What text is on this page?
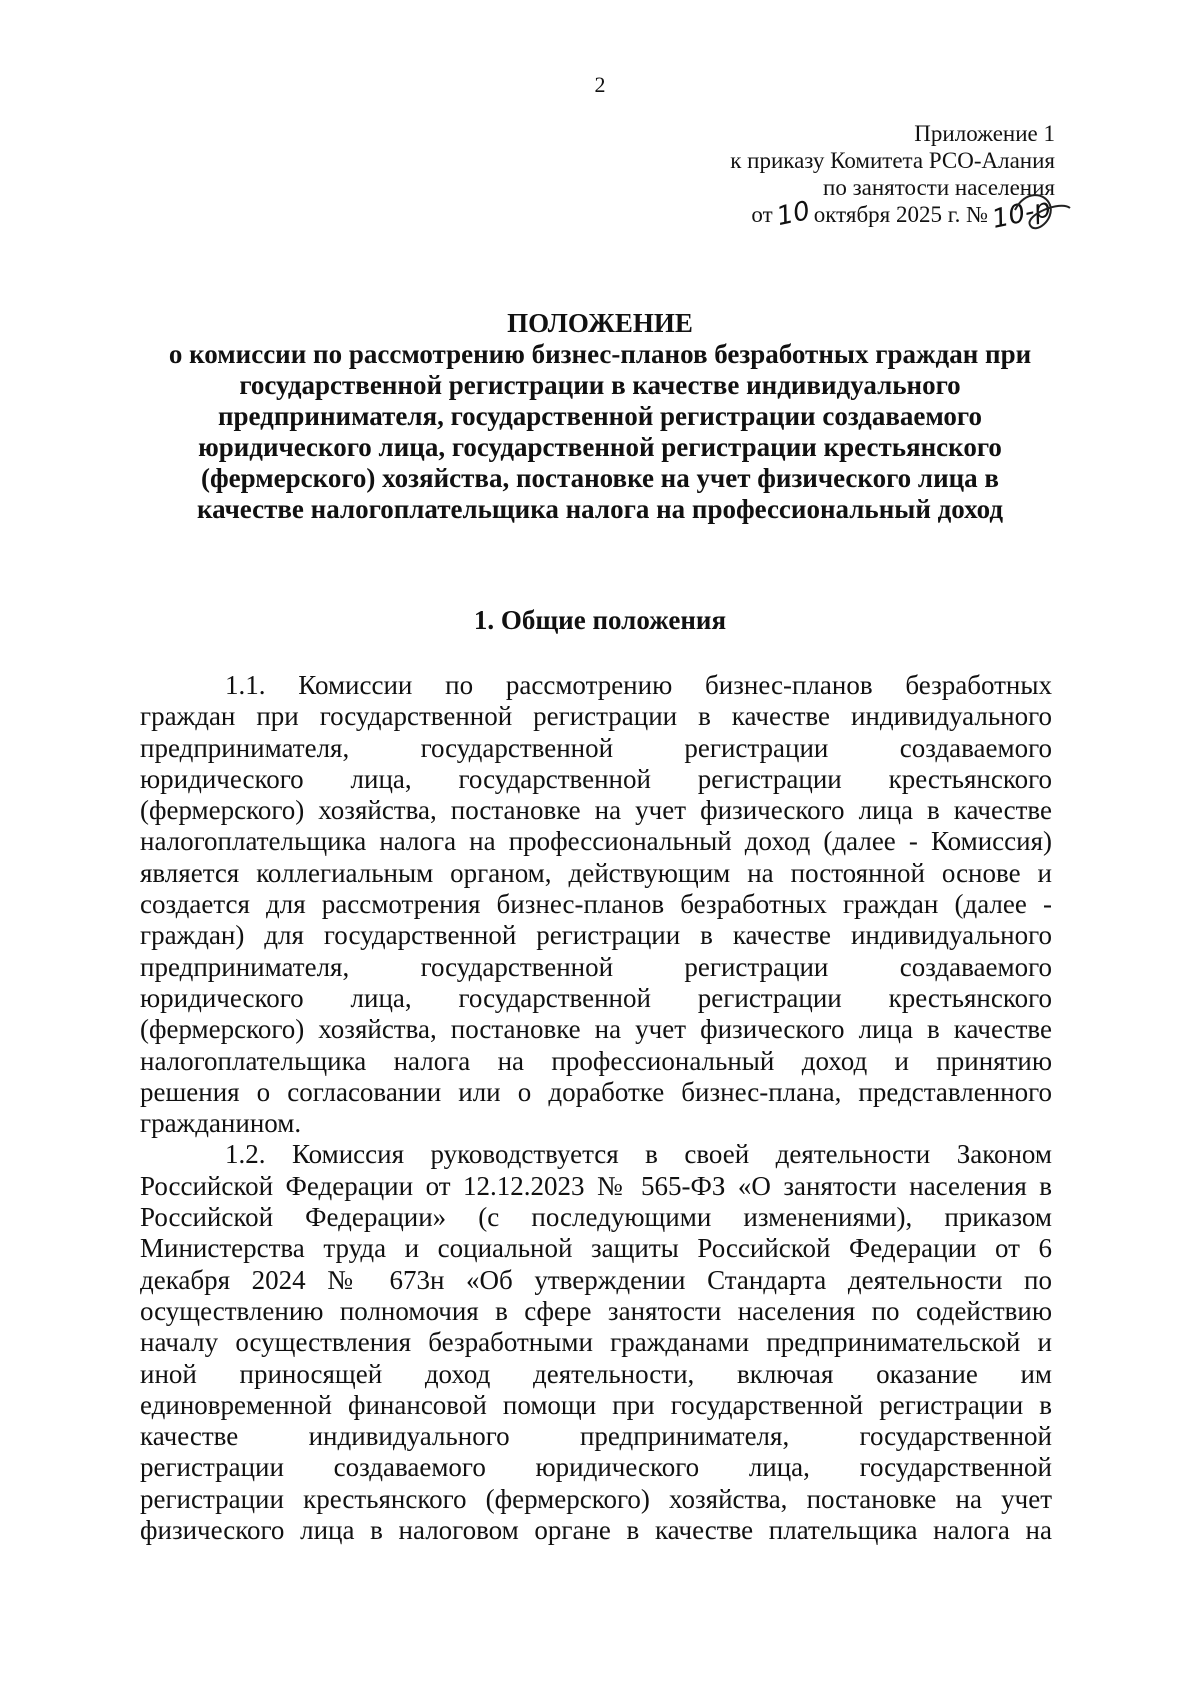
2
Приложение 1
к приказу Комитета РСО-Алания
по занятости населения
от10октября 2025 г. №10-р
ПОЛОЖЕНИЕ
о комиссии по рассмотрению бизнес-планов безработных граждан при
государственной регистрации в качестве индивидуального
предпринимателя, государственной регистрации создаваемого
юридического лица, государственной регистрации крестьянского
(фермерского) хозяйства, постановке на учет физического лица в
качестве налогоплательщика налога на профессиональный доход
1. Общие положения
1.1. Комиссии по рассмотрению бизнес-планов безработных
граждан при государственной регистрации в качестве индивидуального
предпринимателя, государственной регистрации создаваемого
юридического лица, государственной регистрации крестьянского
(фермерского) хозяйства, постановке на учет физического лица в качестве
налогоплательщика налога на профессиональный доход (далее - Комиссия)
является коллегиальным органом, действующим на постоянной основе и
создается для рассмотрения бизнес-планов безработных граждан (далее -
граждан) для государственной регистрации в качестве индивидуального
предпринимателя, государственной регистрации создаваемого
юридического лица, государственной регистрации крестьянского
(фермерского) хозяйства, постановке на учет физического лица в качестве
налогоплательщика налога на профессиональный доход и принятию
решения о согласовании или о доработке бизнес-плана, представленного
гражданином.
1.2. Комиссия руководствуется в своей деятельности Законом
Российской Федерации от 12.12.2023 № 565-ФЗ «О занятости населения в
Российской Федерации» (с последующими изменениями), приказом
Министерства труда и социальной защиты Российской Федерации от 6
декабря 2024 № 673н «Об утверждении Стандарта деятельности по
осуществлению полномочия в сфере занятости населения по содействию
началу осуществления безработными гражданами предпринимательской и
иной приносящей доход деятельности, включая оказание им
единовременной финансовой помощи при государственной регистрации в
качестве индивидуального предпринимателя, государственной
регистрации создаваемого юридического лица, государственной
регистрации крестьянского (фермерского) хозяйства, постановке на учет
физического лица в налоговом органе в качестве плательщика налога на
